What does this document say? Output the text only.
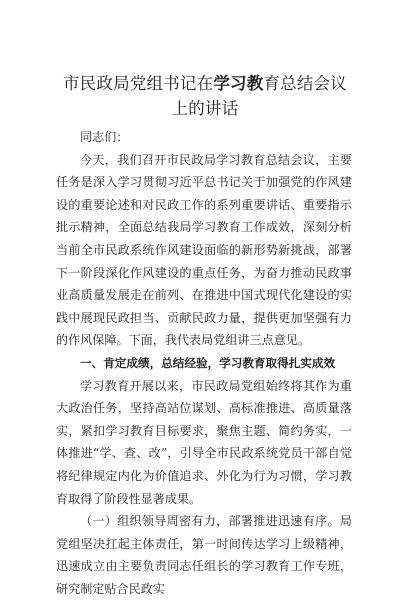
市民政局党组书记在学习教育总结会议上的讲话

同志们：

今天，我们召开市民政局学习教育总结会议，主要任务是深入学习贯彻习近平总书记关于加强党的作风建设的重要论述和对民政工作的系列重要讲话、重要指示批示精神，全面总结我局学习教育工作成效，深刻分析当前全市民政系统作风建设面临的新形势新挑战，部署下一阶段深化作风建设的重点任务，为奋力推动民政事业高质量发展走在前列、在推进中国式现代化建设的实践中展现民政担当、贡献民政力量，提供更加坚强有力的作风保障。下面，我代表局党组讲三点意见。

一、肯定成绩，总结经验，学习教育取得扎实成效

学习教育开展以来，市民政局党组始终将其作为重大政治任务，坚持高站位谋划、高标准推进、高质量落实，紧扣学习教育目标要求，聚焦主题、简约务实，一体推进“学、查、改”，引导全市民政系统党员干部自觉将纪律规定内化为价值追求、外化为行为习惯，学习教育取得了阶段性显著成果。

（一）组织领导周密有力，部署推进迅速有序。局党组坚决扛起主体责任，第一时间传达学习上级精神，迅速成立由主要负责同志任组长的学习教育工作专班，研究制定贴合民政实
